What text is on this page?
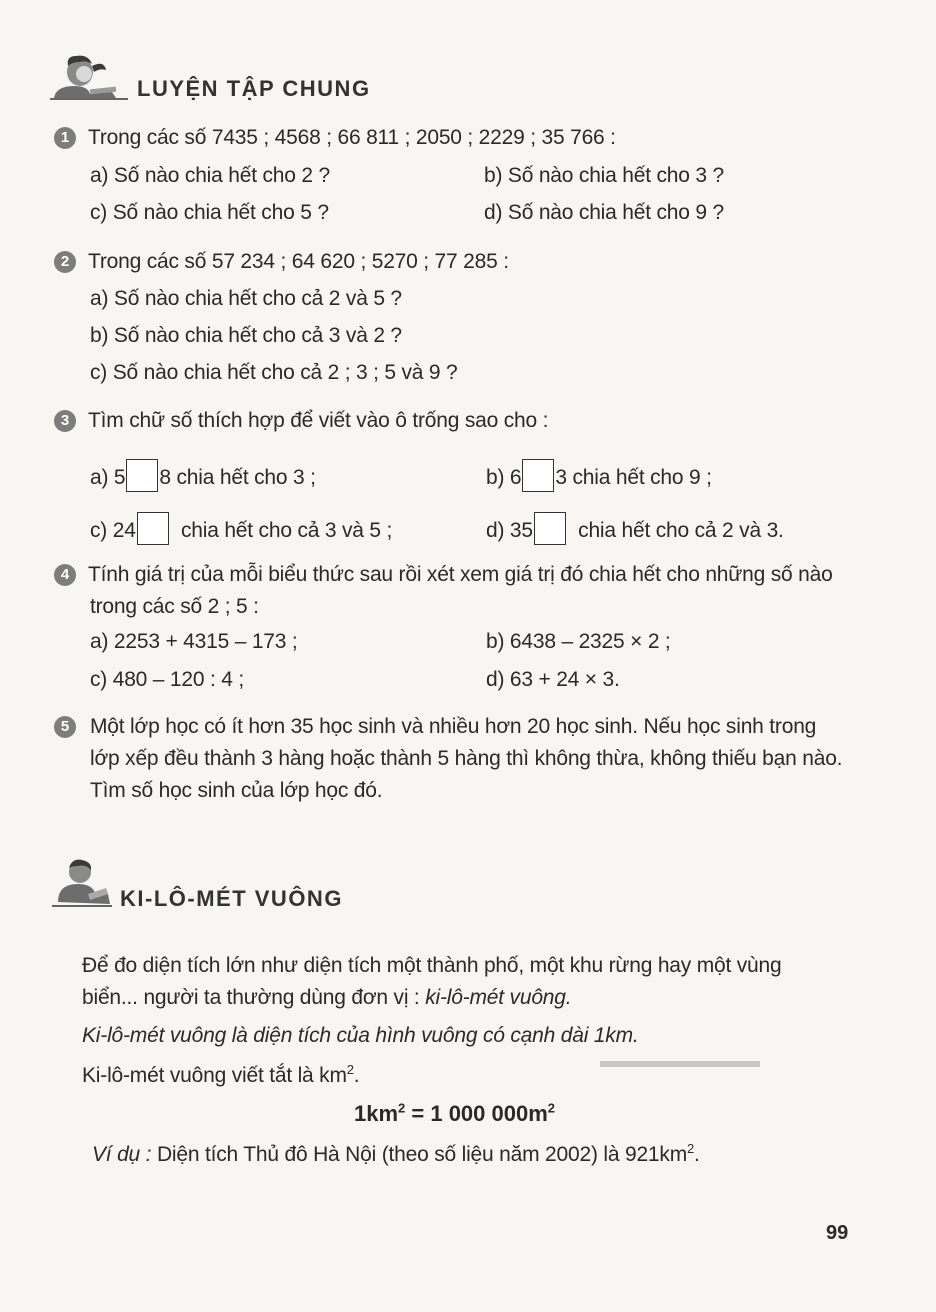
LUYỆN TẬP CHUNG
1 Trong các số 7435 ; 4568 ; 66 811 ; 2050 ; 2229 ; 35 766 :
a) Số nào chia hết cho 2 ?	b) Số nào chia hết cho 3 ?
c) Số nào chia hết cho 5 ?	d) Số nào chia hết cho 9 ?
2 Trong các số 57 234 ; 64 620 ; 5270 ; 77 285 :
a) Số nào chia hết cho cả 2 và 5 ?
b) Số nào chia hết cho cả 3 và 2 ?
c) Số nào chia hết cho cả 2 ; 3 ; 5 và 9 ?
3 Tìm chữ số thích hợp để viết vào ô trống sao cho :
a) 5 8 chia hết cho 3 ;	b) 6 3 chia hết cho 9 ;
c) 24 chia hết cho cả 3 và 5 ;	d) 35 chia hết cho cả 2 và 3.
4 Tính giá trị của mỗi biểu thức sau rồi xét xem giá trị đó chia hết cho những số nào
trong các số 2 ; 5 :
a) 2253 + 4315 – 173 ;	b) 6438 – 2325 × 2 ;
c) 480 – 120 : 4 ;	d) 63 + 24 × 3.
5 Một lớp học có ít hơn 35 học sinh và nhiều hơn 20 học sinh. Nếu học sinh trong
lớp xếp đều thành 3 hàng hoặc thành 5 hàng thì không thừa, không thiếu bạn nào.
Tìm số học sinh của lớp học đó.
KI-LÔ-MÉT VUÔNG
▬▬▬▬▬▬▬▬
Để đo diện tích lớn như diện tích một thành phố, một khu rừng hay một vùng
biển... người ta thường dùng đơn vị : ki-lô-mét vuông.
Ki-lô-mét vuông là diện tích của hình vuông có cạnh dài 1km.
Ki-lô-mét vuông viết tắt là $km^2$.
$1km^2 = 1$ 000 $000m^2$
Ví dụ : Diện tích Thủ đô Hà Nội (theo số liệu năm 2002) là $921km^2$.
99
